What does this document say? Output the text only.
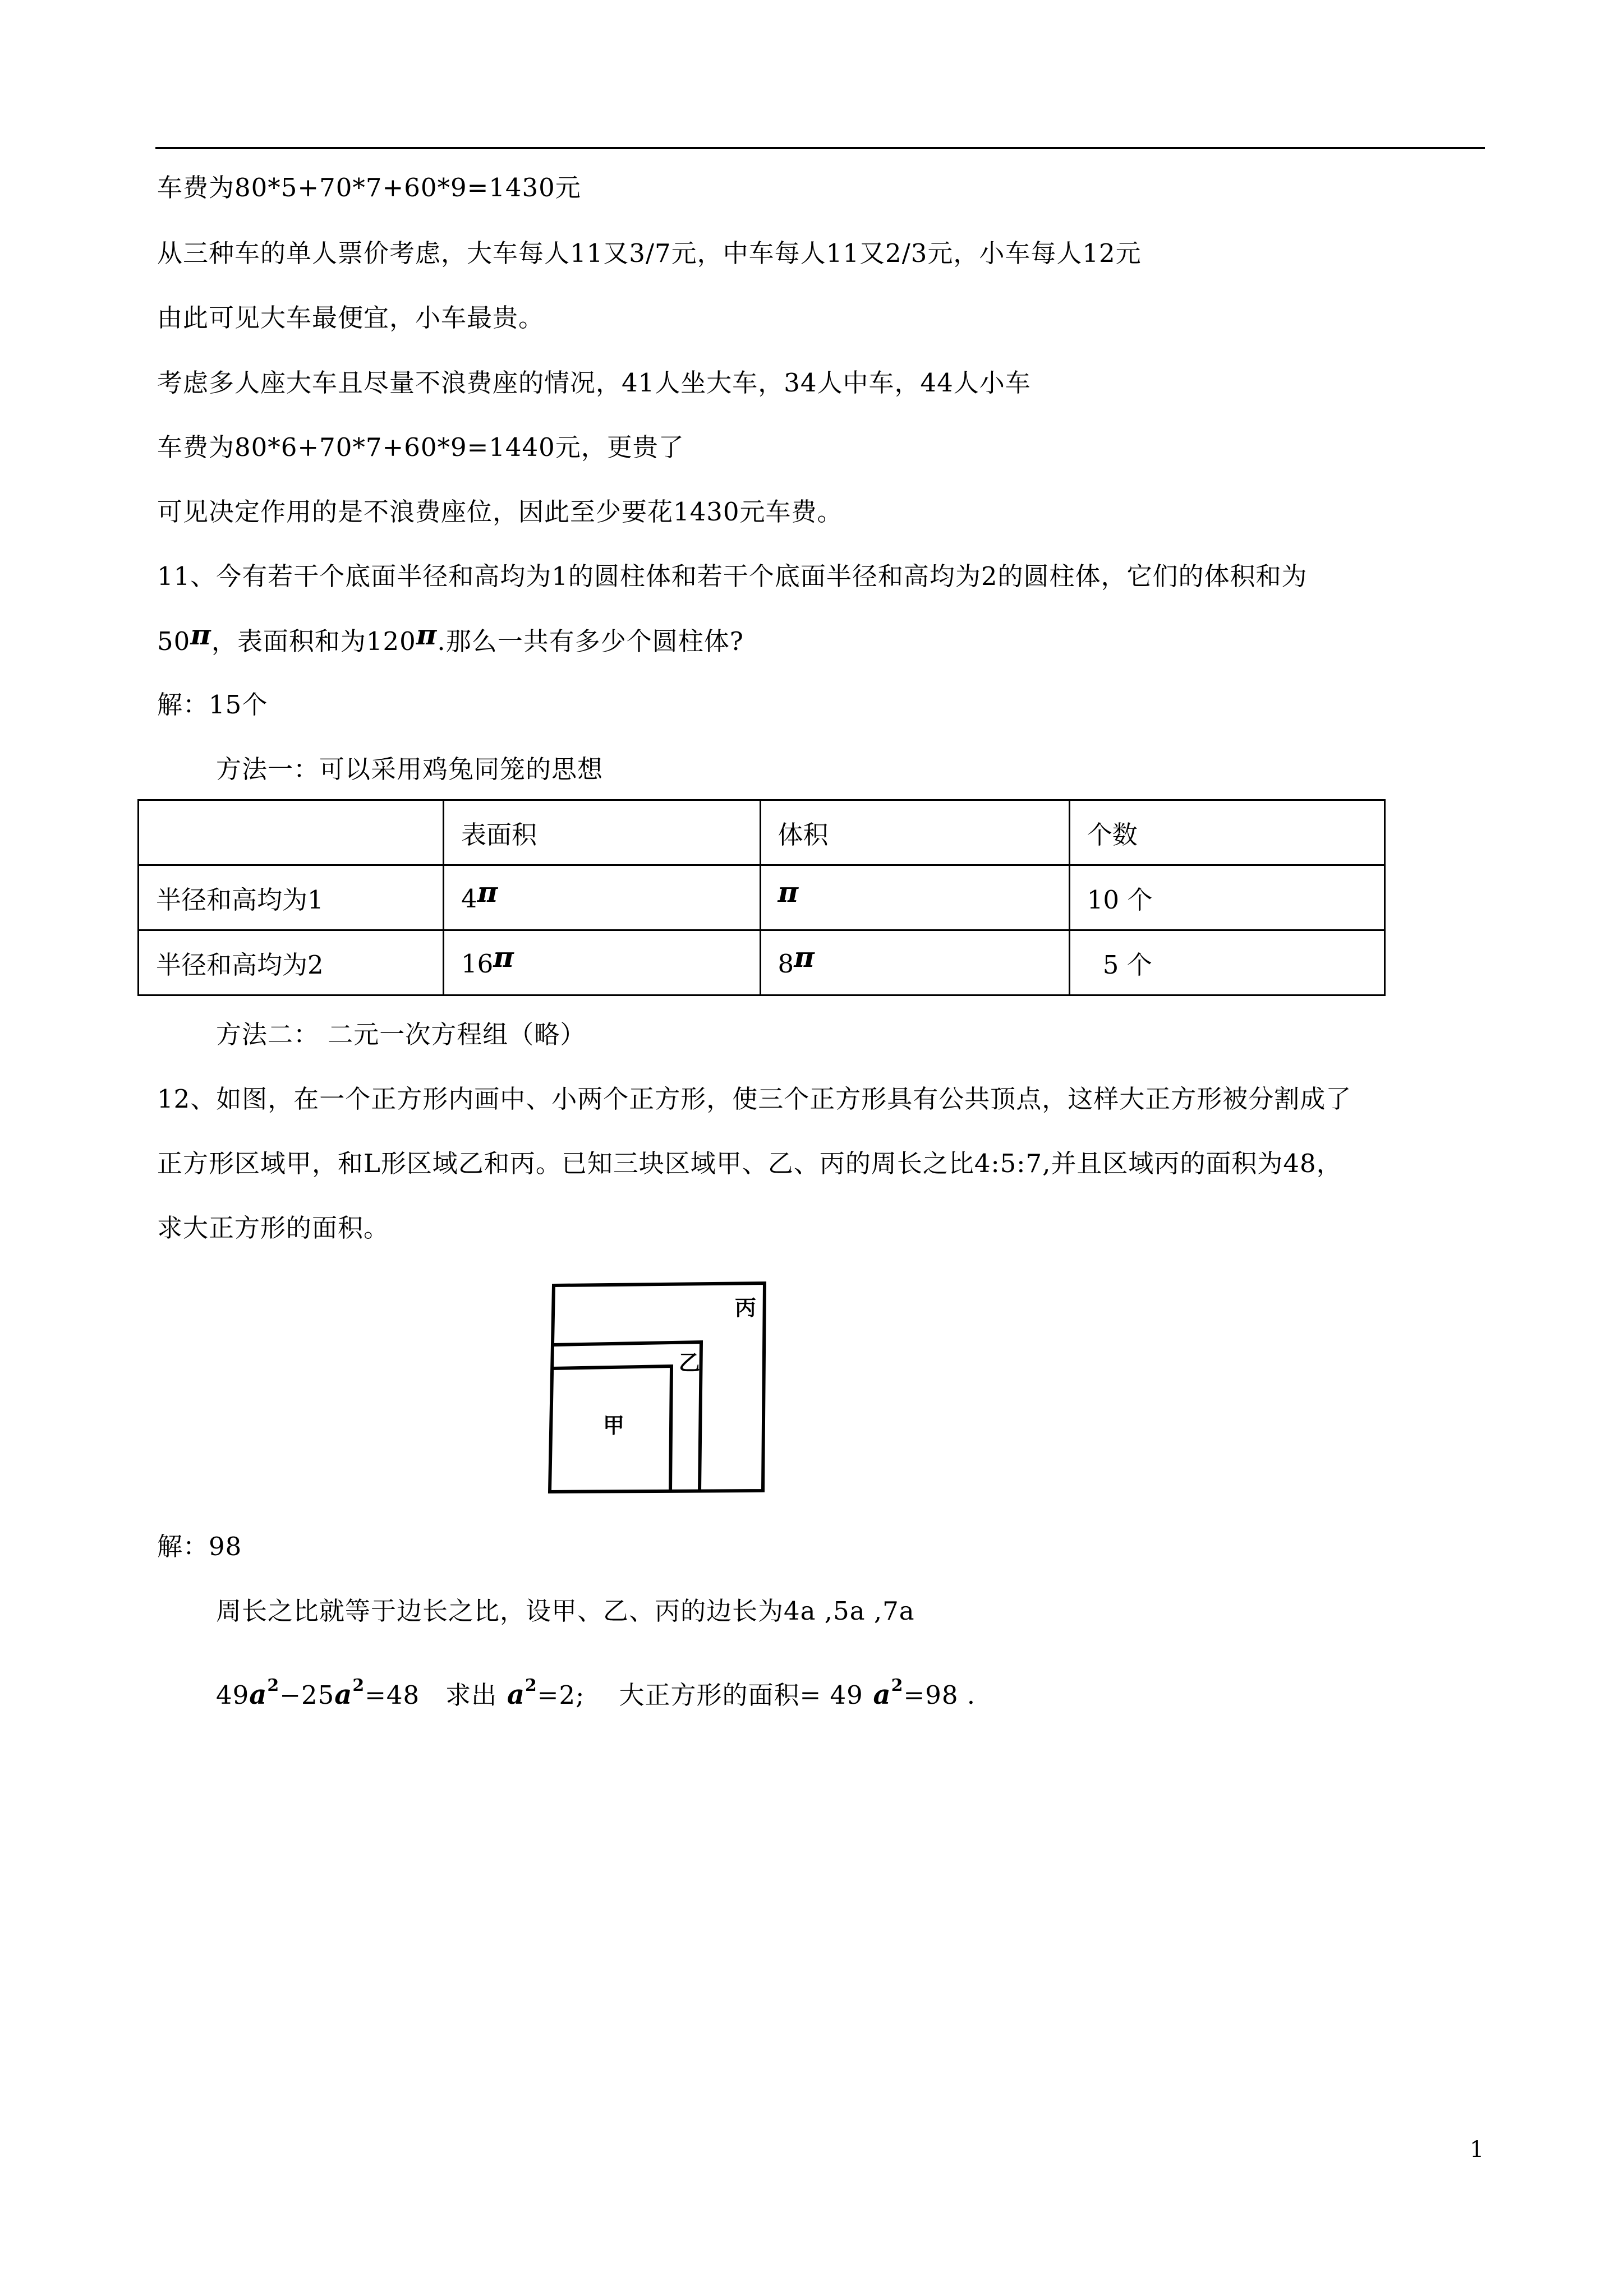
车费为80*5+70*7+60*9=1430元
从三种车的单人票价考虑，大车每人11又3/7元，中车每人11又2/3元，小车每人12元
由此可见大车最便宜，小车最贵。
考虑多人座大车且尽量不浪费座的情况，41人坐大车，34人中车，44人小车
车费为80*6+70*7+60*9=1440元，更贵了
可见决定作用的是不浪费座位，因此至少要花1430元车费。
11、今有若干个底面半径和高均为1的圆柱体和若干个底面半径和高均为2的圆柱体，它们的体积和为
50π，表面积和为120π.那么一共有多少个圆柱体?
解：15个
方法一：可以采用鸡兔同笼的思想
	表面积	体积	个数
半径和高均为1	4π	π	10 个
半径和高均为2	16π	8π	5 个
方法二： 二元一次方程组（略）
12、如图，在一个正方形内画中、小两个正方形，使三个正方形具有公共顶点，这样大正方形被分割成了
正方形区域甲，和L形区域乙和丙。已知三块区域甲、乙、丙的周长之比4:5:7,并且区域丙的面积为48，
求大正方形的面积。
丙
乙
甲
解：98
周长之比就等于边长之比，设甲、乙、丙的边长为4a ,5a ,7a
$49a^2-25a^2=48$   求出 $a^2=2$;    大正方形的面积= 49 $a^2=98$ .
1
